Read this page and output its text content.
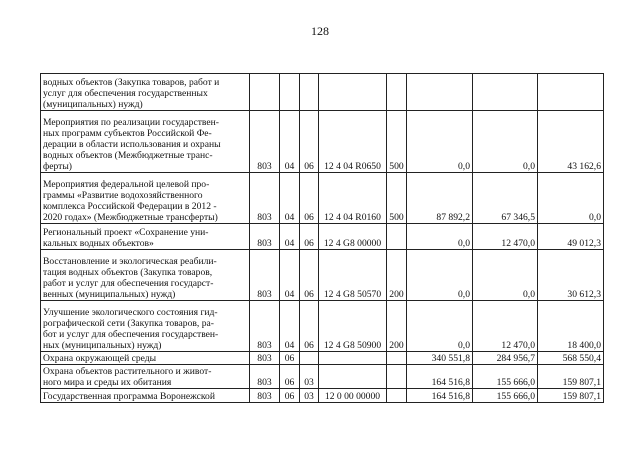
128
водных объектов (Закупка товаров, работ и
услуг для обеспечения государственных
(муниципальных) нужд)								

Мероприятия по реализации государствен-
ных программ субъектов Российской Фе-
дерации в области использования и охраны
водных объектов (Межбюджетные транс-
ферты)	803	04	06	12 4 04 R0650	500	0,0	0,0	43 162,6

Мероприятия федеральной целевой про-
граммы «Развитие водохозяйственного
комплекса Российской Федерации в 2012 -
2020 годах» (Межбюджетные трансферты)	803	04	06	12 4 04 R0160	500	87 892,2	67 346,5	0,0

Региональный проект «Сохранение уни-
кальных водных объектов»	803	04	06	12 4 G8 00000		0,0	12 470,0	49 012,3

Восстановление и экологическая реабили-
тация водных объектов (Закупка товаров,
работ и услуг для обеспечения государст-
венных (муниципальных) нужд)	803	04	06	12 4 G8 50570	200	0,0	0,0	30 612,3

Улучшение экологического состояния гид-
рографической сети (Закупка товаров, ра-
бот и услуг для обеспечения государствен-
ных (муниципальных) нужд)	803	04	06	12 4 G8 50900	200	0,0	12 470,0	18 400,0

Охрана окружающей среды	803	06				340 551,8	284 956,7	568 550,4

Охрана объектов растительного и живот-
ного мира и среды их обитания	803	06	03			164 516,8	155 666,0	159 807,1

Государственная программа Воронежской	803	06	03	12 0 00 00000		164 516,8	155 666,0	159 807,1
